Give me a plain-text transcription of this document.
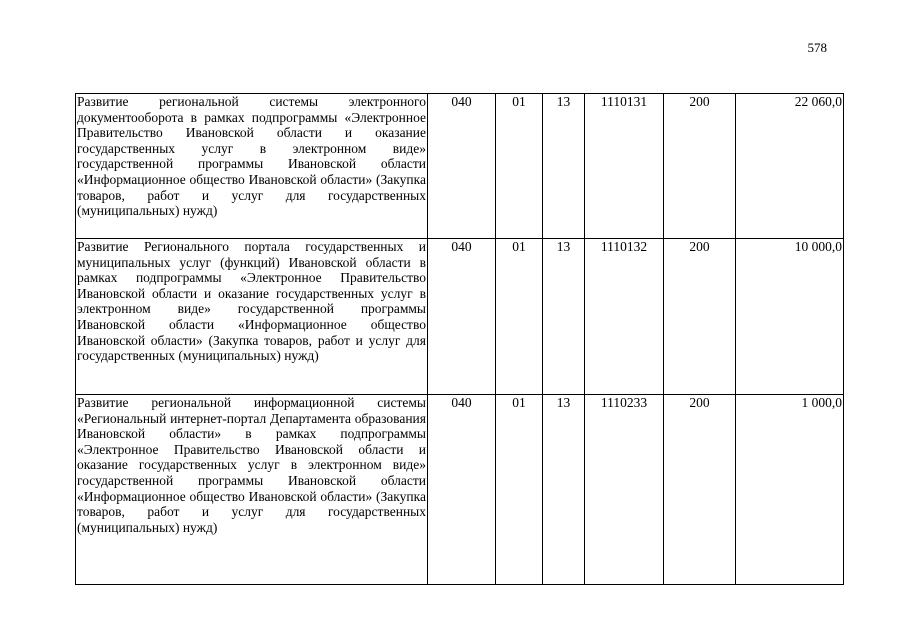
578
Развитие региональной системы электронного документооборота в рамках подпрограммы «Электронное Правительство Ивановской области и оказание государственных услуг в электронном виде» государственной программы Ивановской области «Информационное общество Ивановской области» (Закупка товаров, работ и услуг для государственных (муниципальных) нужд)	040	01	13	1110131	200	22 060,0
Развитие Регионального портала государственных и муниципальных услуг (функций) Ивановской области в рамках подпрограммы «Электронное Правительство Ивановской области и оказание государственных услуг в электронном виде» государственной программы Ивановской области «Информационное общество Ивановской области» (Закупка товаров, работ и услуг для государственных (муниципальных) нужд)	040	01	13	1110132	200	10 000,0
Развитие региональной информационной системы «Региональный интернет-портал Департамента образования Ивановской области» в рамках подпрограммы «Электронное Правительство Ивановской области и оказание государственных услуг в электронном виде» государственной программы Ивановской области «Информационное общество Ивановской области» (Закупка товаров, работ и услуг для государственных (муниципальных) нужд)	040	01	13	1110233	200	1 000,0
